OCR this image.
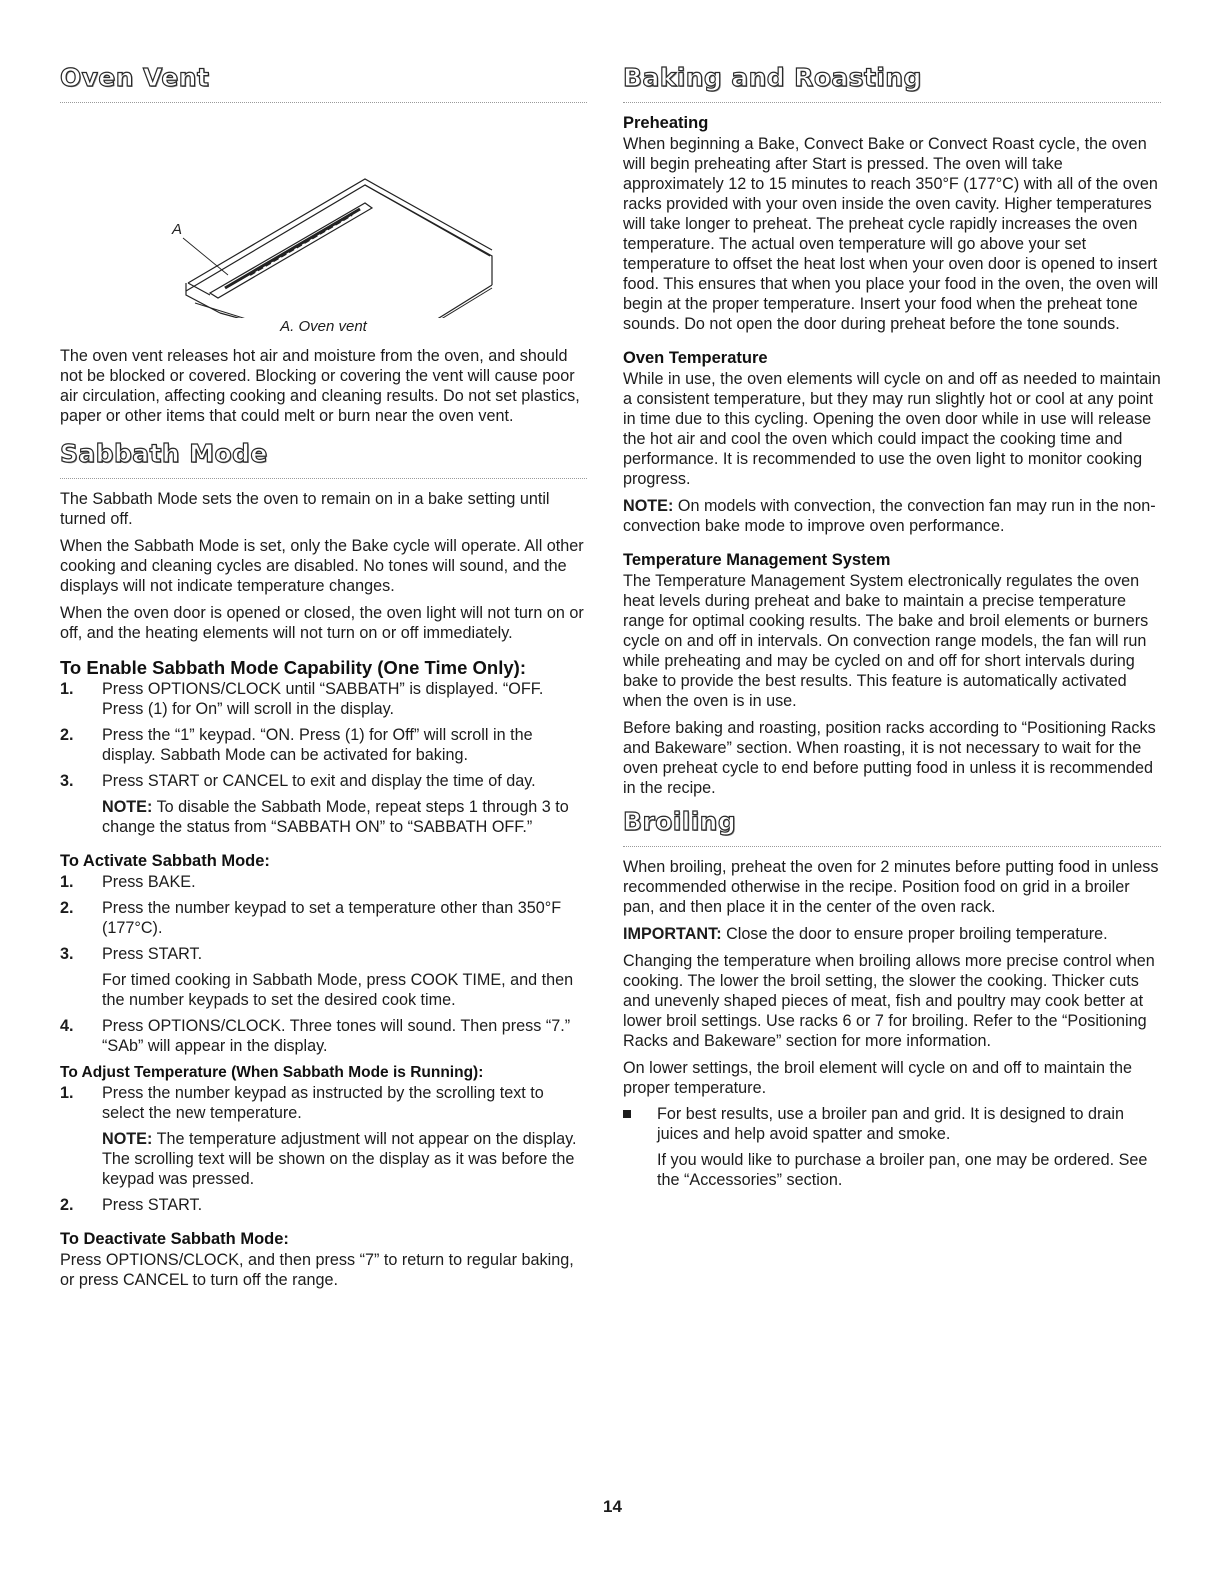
Oven Vent
A

A. Oven vent

The oven vent releases hot air and moisture from the oven, and should not be blocked or covered. Blocking or covering the vent will cause poor air circulation, affecting cooking and cleaning results. Do not set plastics, paper or other items that could melt or burn near the oven vent.

Sabbath Mode

The Sabbath Mode sets the oven to remain on in a bake setting until turned off.

When the Sabbath Mode is set, only the Bake cycle will operate. All other cooking and cleaning cycles are disabled. No tones will sound, and the displays will not indicate temperature changes.

When the oven door is opened or closed, the oven light will not turn on or off, and the heating elements will not turn on or off immediately.

To Enable Sabbath Mode Capability (One Time Only):
1. Press OPTIONS/CLOCK until “SABBATH” is displayed. “OFF. Press (1) for On” will scroll in the display.
2. Press the “1” keypad. “ON. Press (1) for Off” will scroll in the display. Sabbath Mode can be activated for baking.
3. Press START or CANCEL to exit and display the time of day.
NOTE: To disable the Sabbath Mode, repeat steps 1 through 3 to change the status from “SABBATH ON” to “SABBATH OFF.”
To Activate Sabbath Mode:
1. Press BAKE.
2. Press the number keypad to set a temperature other than 350°F (177°C).
3. Press START.
For timed cooking in Sabbath Mode, press COOK TIME, and then the number keypads to set the desired cook time.
4. Press OPTIONS/CLOCK. Three tones will sound. Then press “7.” “SAb” will appear in the display.
To Adjust Temperature (When Sabbath Mode is Running):
1. Press the number keypad as instructed by the scrolling text to select the new temperature.
NOTE: The temperature adjustment will not appear on the display. The scrolling text will be shown on the display as it was before the keypad was pressed.
2. Press START.
To Deactivate Sabbath Mode:

Press OPTIONS/CLOCK, and then press “7” to return to regular baking, or press CANCEL to turn off the range.

Baking and Roasting
Preheating

When beginning a Bake, Convect Bake or Convect Roast cycle, the oven will begin preheating after Start is pressed. The oven will take approximately 12 to 15 minutes to reach 350°F (177°C) with all of the oven racks provided with your oven inside the oven cavity. Higher temperatures will take longer to preheat. The preheat cycle rapidly increases the oven temperature. The actual oven temperature will go above your set temperature to offset the heat lost when your oven door is opened to insert food. This ensures that when you place your food in the oven, the oven will begin at the proper temperature. Insert your food when the preheat tone sounds. Do not open the door during preheat before the tone sounds.

Oven Temperature

While in use, the oven elements will cycle on and off as needed to maintain a consistent temperature, but they may run slightly hot or cool at any point in time due to this cycling. Opening the oven door while in use will release the hot air and cool the oven which could impact the cooking time and performance. It is recommended to use the oven light to monitor cooking progress.

NOTE: On models with convection, the convection fan may run in the non-convection bake mode to improve oven performance.

Temperature Management System

The Temperature Management System electronically regulates the oven heat levels during preheat and bake to maintain a precise temperature range for optimal cooking results. The bake and broil elements or burners cycle on and off in intervals. On convection range models, the fan will run while preheating and may be cycled on and off for short intervals during bake to provide the best results. This feature is automatically activated when the oven is in use.

Before baking and roasting, position racks according to “Positioning Racks and Bakeware” section. When roasting, it is not necessary to wait for the oven preheat cycle to end before putting food in unless it is recommended in the recipe.

Broiling

When broiling, preheat the oven for 2 minutes before putting food in unless recommended otherwise in the recipe. Position food on grid in a broiler pan, and then place it in the center of the oven rack.

IMPORTANT: Close the door to ensure proper broiling temperature.

Changing the temperature when broiling allows more precise control when cooking. The lower the broil setting, the slower the cooking. Thicker cuts and unevenly shaped pieces of meat, fish and poultry may cook better at lower broil settings. Use racks 6 or 7 for broiling. Refer to the “Positioning Racks and Bakeware” section for more information.

On lower settings, the broil element will cycle on and off to maintain the proper temperature.

For best results, use a broiler pan and grid. It is designed to drain juices and help avoid spatter and smoke.
If you would like to purchase a broiler pan, one may be ordered. See the “Accessories” section.
14
